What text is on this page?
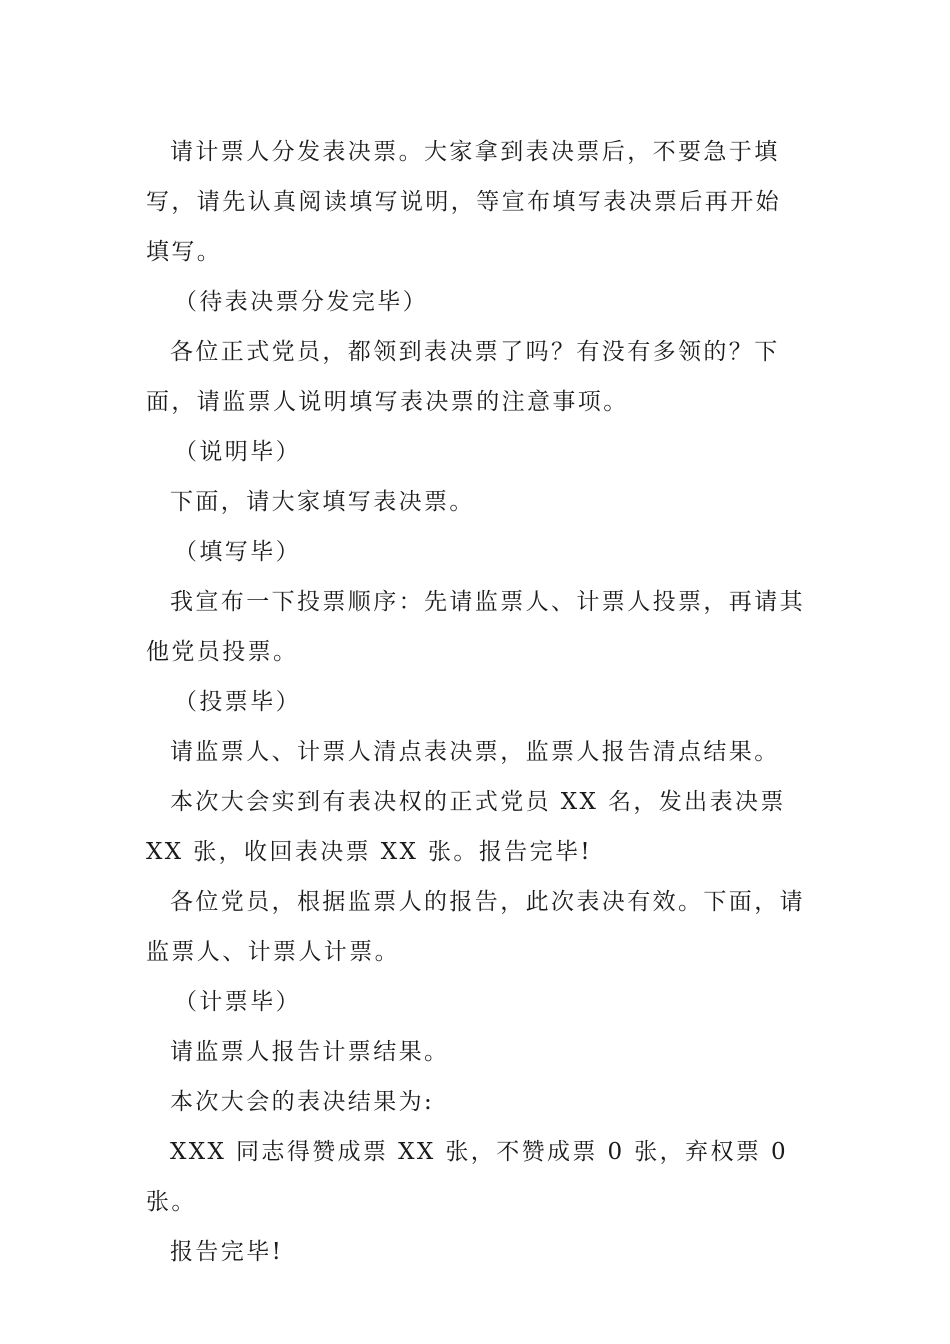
请计票人分发表决票。大家拿到表决票后，不要急于填写，请先认真阅读填写说明，等宣布填写表决票后再开始填写。

（待表决票分发完毕）

各位正式党员，都领到表决票了吗？有没有多领的？下面，请监票人说明填写表决票的注意事项。

（说明毕）

下面，请大家填写表决票。

（填写毕）

我宣布一下投票顺序：先请监票人、计票人投票，再请其他党员投票。

（投票毕）

请监票人、计票人清点表决票，监票人报告清点结果。

本次大会实到有表决权的正式党员 XX 名，发出表决票 XX 张，收回表决票 XX 张。报告完毕!

各位党员，根据监票人的报告，此次表决有效。下面，请监票人、计票人计票。

（计票毕）

请监票人报告计票结果。

本次大会的表决结果为:

XXX 同志得赞成票 XX 张，不赞成票 0 张，弃权票 0 张。

报告完毕!
